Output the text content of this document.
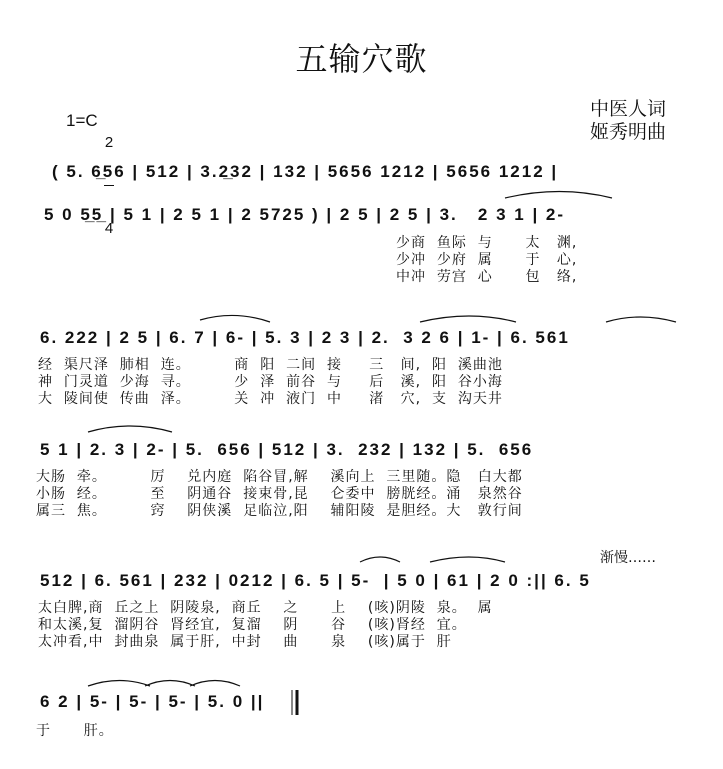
五输穴歌
1=C

2

4

中医人词
姬秀明曲
( 5. 6̲56 | 512 | 3.2̲32 | 132 | 5656 1212 | 5656 1212 |
5 0 5̲5̲ | 5 1 | 2 5 1 | 2 5725 ) | 2 5 | 2 5 | 3.   2 3 1 | 2-
少商  鱼际  与      太   渊,
少冲  少府  属      于   心,
中冲  劳宫  心      包   络,
6. 222 | 2 5 | 6. 7 | 6- | 5. 3 | 2 3 | 2.  3 2 6 | 1- | 6. 561
经  渠尺泽  肺相  连。        商  阳  二间  接     三   间,  阳  溪曲池
神  门灵道  少海  寻。        少  泽  前谷  与     后   溪,  阳  谷小海
大  陵间使  传曲  泽。        关  冲  液门  中     渚   穴,  支  沟天井
5 1 | 2. 3 | 2- | 5.  656 | 512 | 3.  232 | 132 | 5.  656
大肠  牵。        厉    兑内庭  陷谷冒,解    溪向上  三里随。隐   白大都
小肠  经。        至    阴通谷  接束骨,昆    仑委中  膀胱经。涌   泉然谷
属三  焦。        窍    阴侠溪  足临泣,阳    辅阳陵  是胆经。大   敦行间
渐慢……
512 | 6. 561 | 232 | 0212 | 6. 5 | 5-  | 5 0 | 61 | 2 0 :|| 6. 5
太白脾,商  丘之上  阴陵泉,  商丘    之      上    (咳)阴陵  泉。  属
和太溪,复  溜阴谷  肾经宜,  复溜    阴      谷    (咳)肾经  宜。
太冲看,中  封曲泉  属于肝,  中封    曲      泉    (咳)属于  肝
6 2 | 5- | 5- | 5- | 5. 0 ||
于      肝。
